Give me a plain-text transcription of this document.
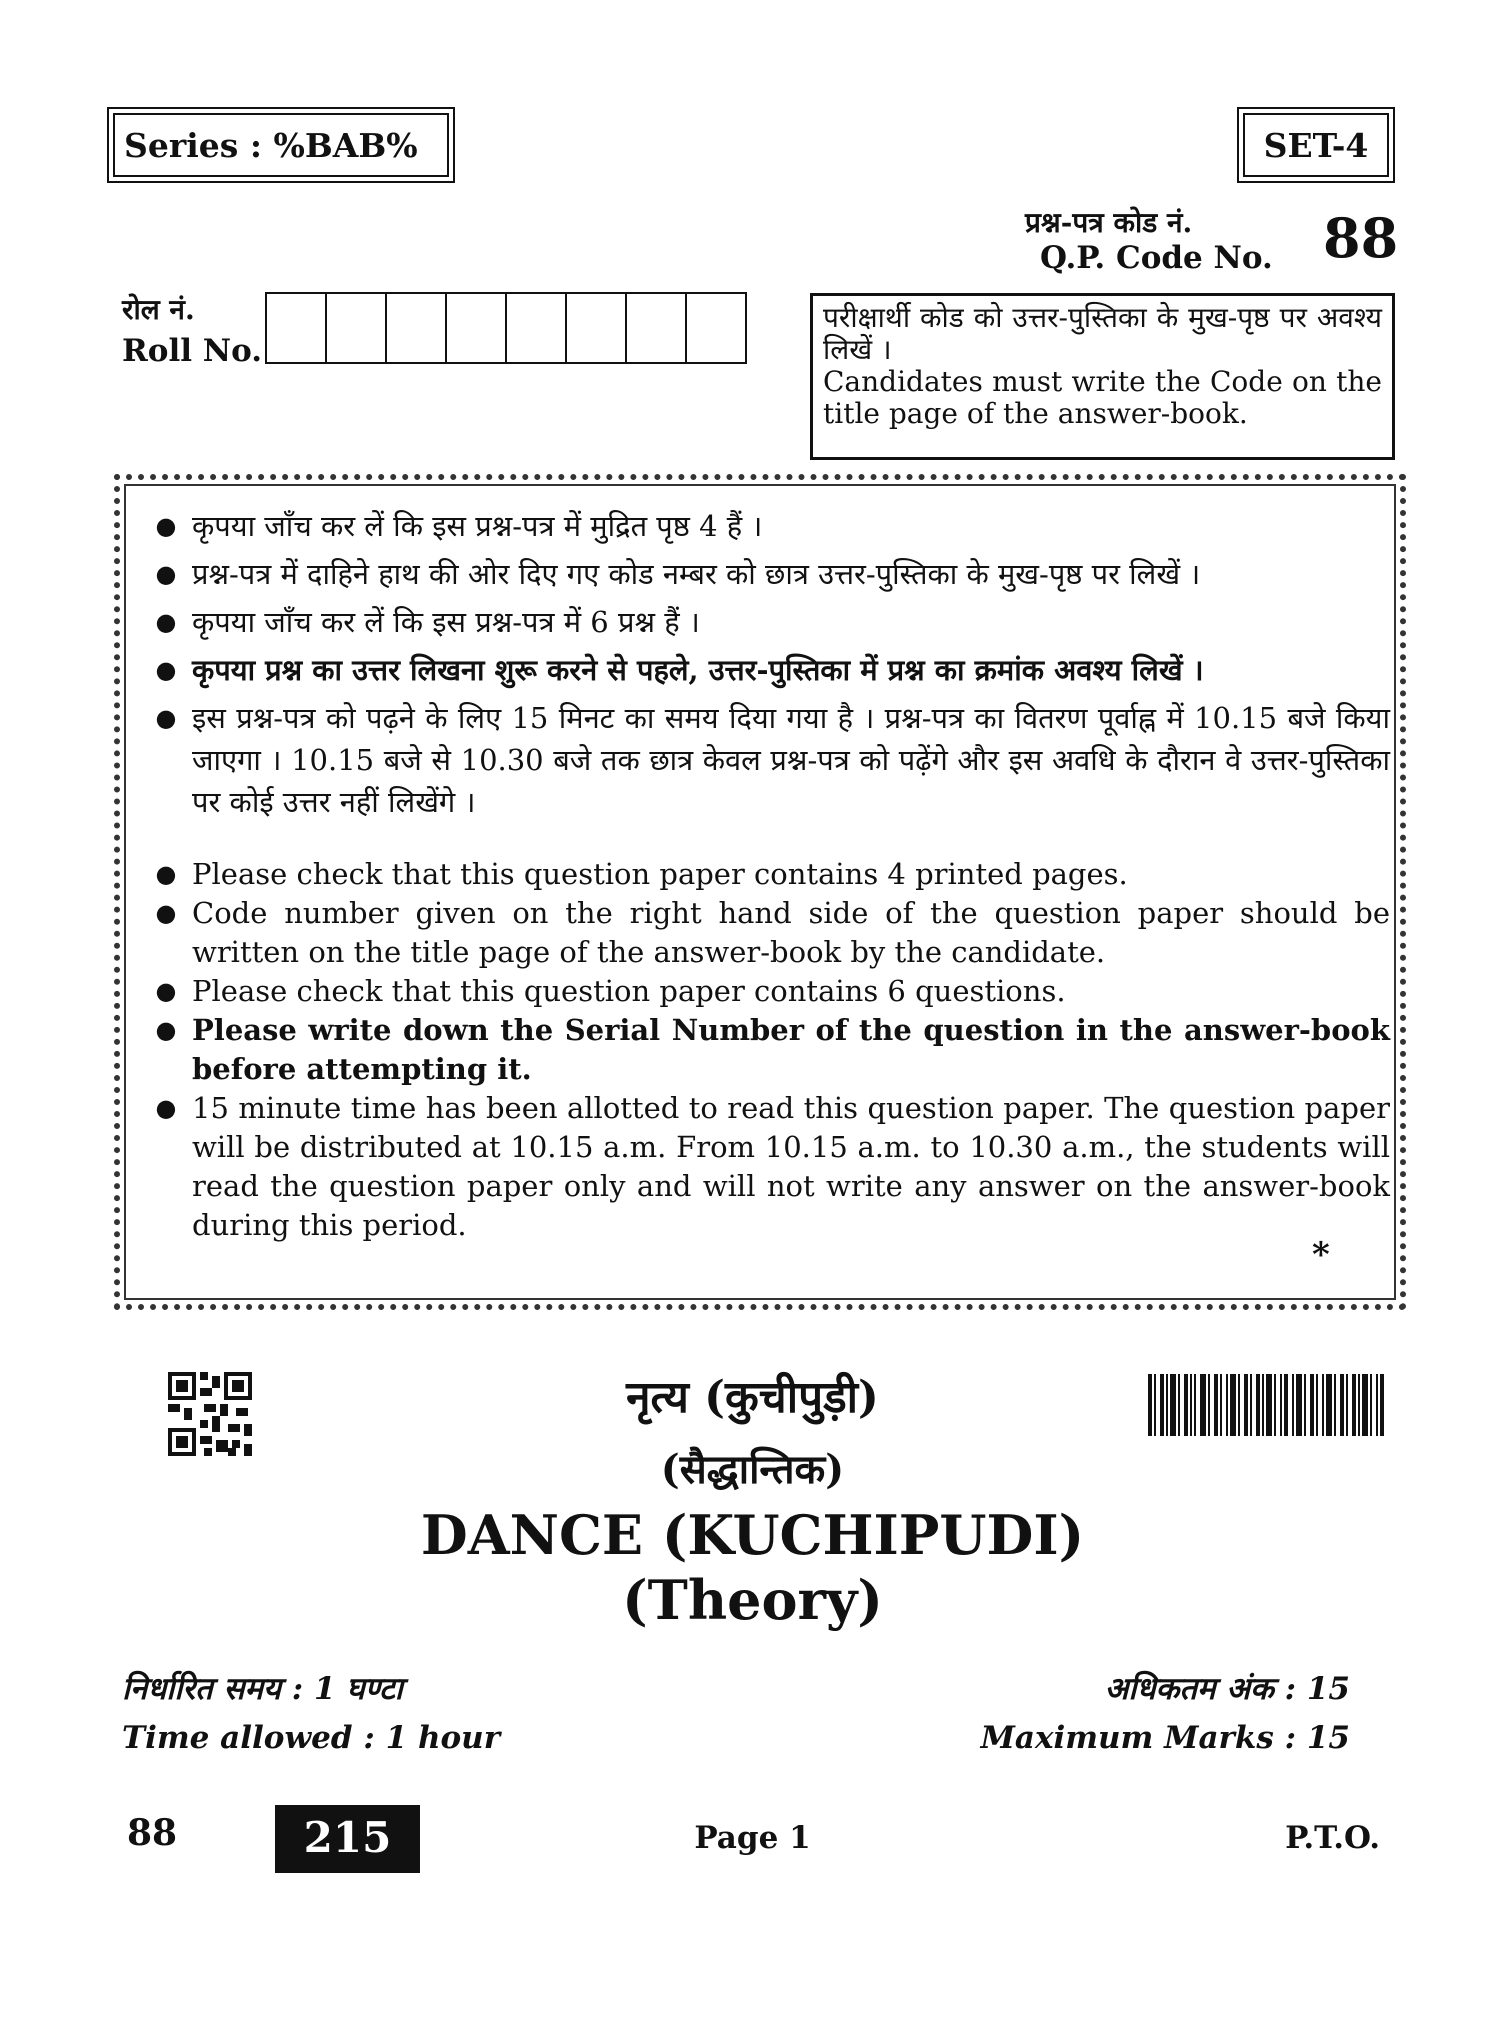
Series : %BAB%	SET-4
प्रश्न-पत्र कोड नं.
Q.P. Code No. 88
रोल नं.
Roll No.
परीक्षार्थी कोड को उत्तर-पुस्तिका के मुख-पृष्ठ पर अवश्य लिखें ।
Candidates must write the Code on the title page of the answer-book.
● कृपया जाँच कर लें कि इस प्रश्न-पत्र में मुद्रित पृष्ठ 4 हैं ।
● प्रश्न-पत्र में दाहिने हाथ की ओर दिए गए कोड नम्बर को छात्र उत्तर-पुस्तिका के मुख-पृष्ठ पर लिखें ।
● कृपया जाँच कर लें कि इस प्रश्न-पत्र में 6 प्रश्न हैं ।
● कृपया प्रश्न का उत्तर लिखना शुरू करने से पहले, उत्तर-पुस्तिका में प्रश्न का क्रमांक अवश्य लिखें ।
● इस प्रश्न-पत्र को पढ़ने के लिए 15 मिनट का समय दिया गया है । प्रश्न-पत्र का वितरण पूर्वाह्न में 10.15 बजे किया जाएगा । 10.15 बजे से 10.30 बजे तक छात्र केवल प्रश्न-पत्र को पढ़ेंगे और इस अवधि के दौरान वे उत्तर-पुस्तिका पर कोई उत्तर नहीं लिखेंगे ।
● Please check that this question paper contains 4 printed pages.
● Code number given on the right hand side of the question paper should be written on the title page of the answer-book by the candidate.
● Please check that this question paper contains 6 questions.
● Please write down the Serial Number of the question in the answer-book before attempting it.
● 15 minute time has been allotted to read this question paper. The question paper will be distributed at 10.15 a.m. From 10.15 a.m. to 10.30 a.m., the students will read the question paper only and will not write any answer on the answer-book during this period.
*
नृत्य (कुचीपुड़ी)
(सैद्धान्तिक)
DANCE (KUCHIPUDI)
(Theory)
निर्धारित समय : 1 घण्टा
Time allowed : 1 hour
अधिकतम अंक : 15
Maximum Marks : 15
88	215	Page 1	P.T.O.
